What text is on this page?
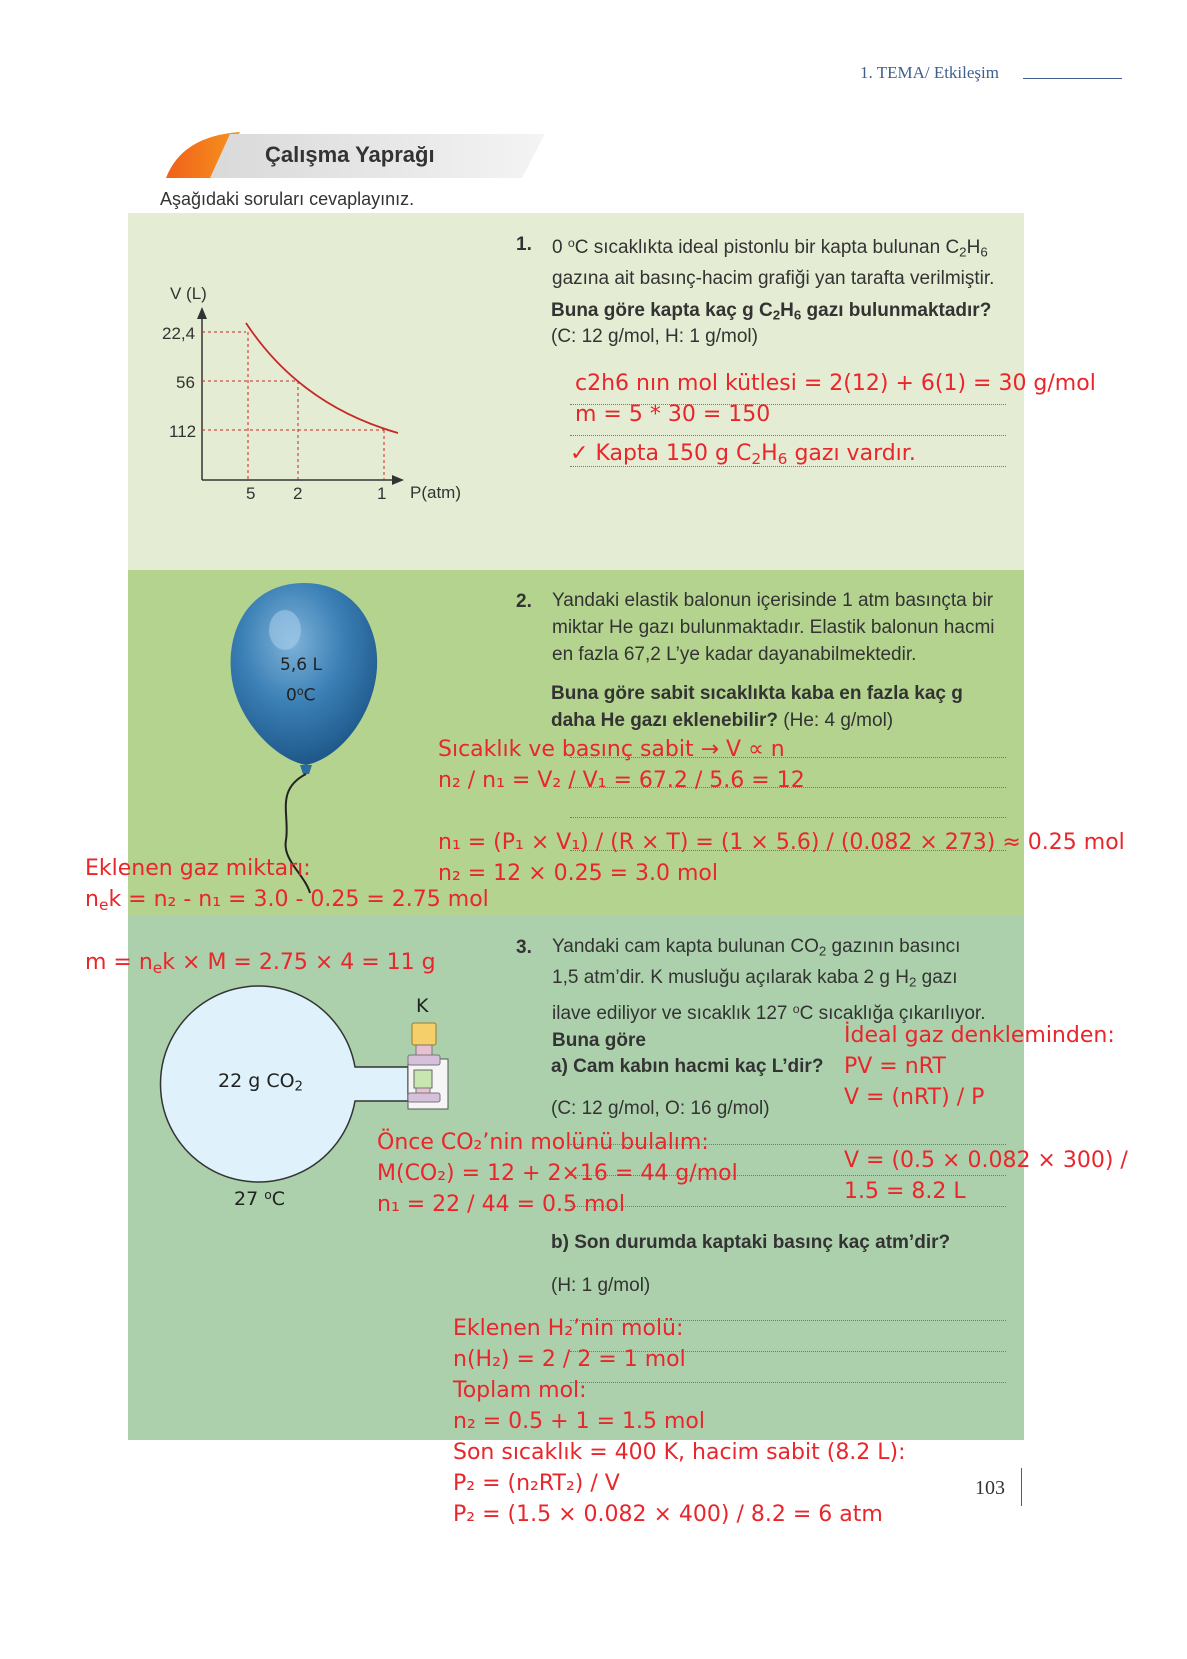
1. TEMA/ Etkileşim
Çalışma Yaprağı
Aşağıdaki soruları cevaplayınız.
1. 0 $^o$C sıcaklıkta ideal pistonlu bir kapta bulunan $C_2H_6$
gazına ait basınç-hacim grafiği yan tarafta verilmiştir.
Buna göre kapta kaç g $C_2H_6$ gazı bulunmaktadır?
(C: 12 g/mol, H: 1 g/mol)
V (L)
22,4
56
112
5 2	1 P(atm)
c2h6 nın mol kütlesi = 2(12) + 6(1) = 30 g/mol
m = 5 * 30 = 150
✓ Kapta 150 g $C_2H_6$ gazı vardır.
2. Yandaki elastik balonun içerisinde 1 atm basınçta bir
miktar He gazı bulunmaktadır. Elastik balonun hacmi
en fazla 67,2 L’ye kadar dayanabilmektedir.
Buna göre sabit sıcaklıkta kaba en fazla kaç g
daha He gazı eklenebilir? (He: 4 g/mol)
5,6 L
0$^o$C
Sıcaklık ve basınç sabit → V ∝ n
n₂ / n₁ = V₂ / V₁ = 67.2 / 5.6 = 12
n₁ = (P₁ × V₁) / (R × T) = (1 × 5.6) / (0.082 × 273) ≈ 0.25 mol
n₂ = 12 × 0.25 = 3.0 mol
Eklenen gaz miktarı:
$n_ek = n_2 - n_1 = 3.0 - 0.25 = 2.75$ mol
$m = n_ek \times M = 2.75 \times 4 = 11$ g
3. Yandaki cam kapta bulunan $CO_2$ gazının basıncı
1,5 atm’dir. K musluğu açılarak kaba 2 g $H_2$ gazı
ilave ediliyor ve sıcaklık 127 $^o$C sıcaklığa çıkarılıyor.
Buna göre
a) Cam kabın hacmi kaç L’dir?
(C: 12 g/mol, O: 16 g/mol)
b) Son durumda kaptaki basınç kaç atm’dir?
(H: 1 g/mol)
K
22 g $CO_2$
27 $^o$C
İdeal gaz denkleminden:
PV = nRT
V = (nRT) / P
Önce CO₂’nin molünü bulalım:
M(CO₂) = 12 + 2×16 = 44 g/mol
n₁ = 22 / 44 = 0.5 mol
V = (0.5 × 0.082 × 300) /
1.5 = 8.2 L
Eklenen H₂’nin molü:
n(H₂) = 2 / 2 = 1 mol
Toplam mol:
n₂ = 0.5 + 1 = 1.5 mol
Son sıcaklık = 400 K, hacim sabit (8.2 L):
P₂ = (n₂RT₂) / V
P₂ = (1.5 × 0.082 × 400) / 8.2 = 6 atm
103
